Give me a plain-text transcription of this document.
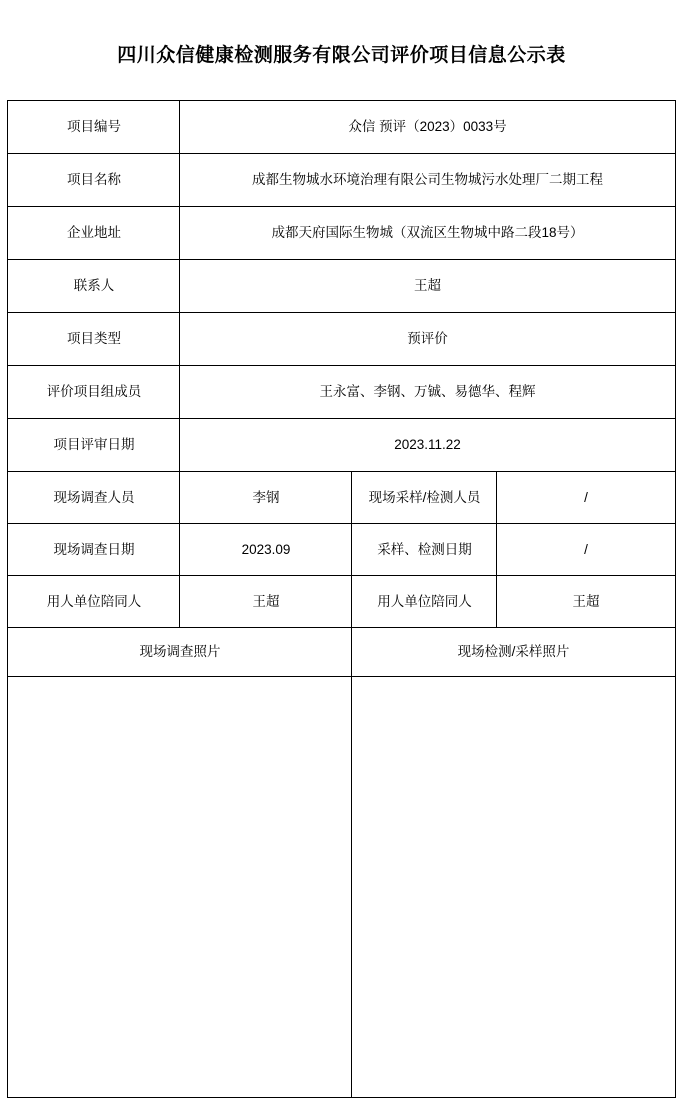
四川众信健康检测服务有限公司评价项目信息公示表
项目编号	众信 预评（2023）0033号		
项目名称	成都生物城水环境治理有限公司生物城污水处理厂二期工程		
企业地址	成都天府国际生物城（双流区生物城中路二段18号）		
联系人	王超		
项目类型	预评价		
评价项目组成员	王永富、李钢、万铖、易德华、程辉		
项目评审日期	2023.11.22		
现场调查人员	李钢	现场采样/检测人员	/
现场调查日期	2023.09	采样、检测日期	/
用人单位陪同人	王超	用人单位陪同人	王超
现场调查照片		现场检测/采样照片	
